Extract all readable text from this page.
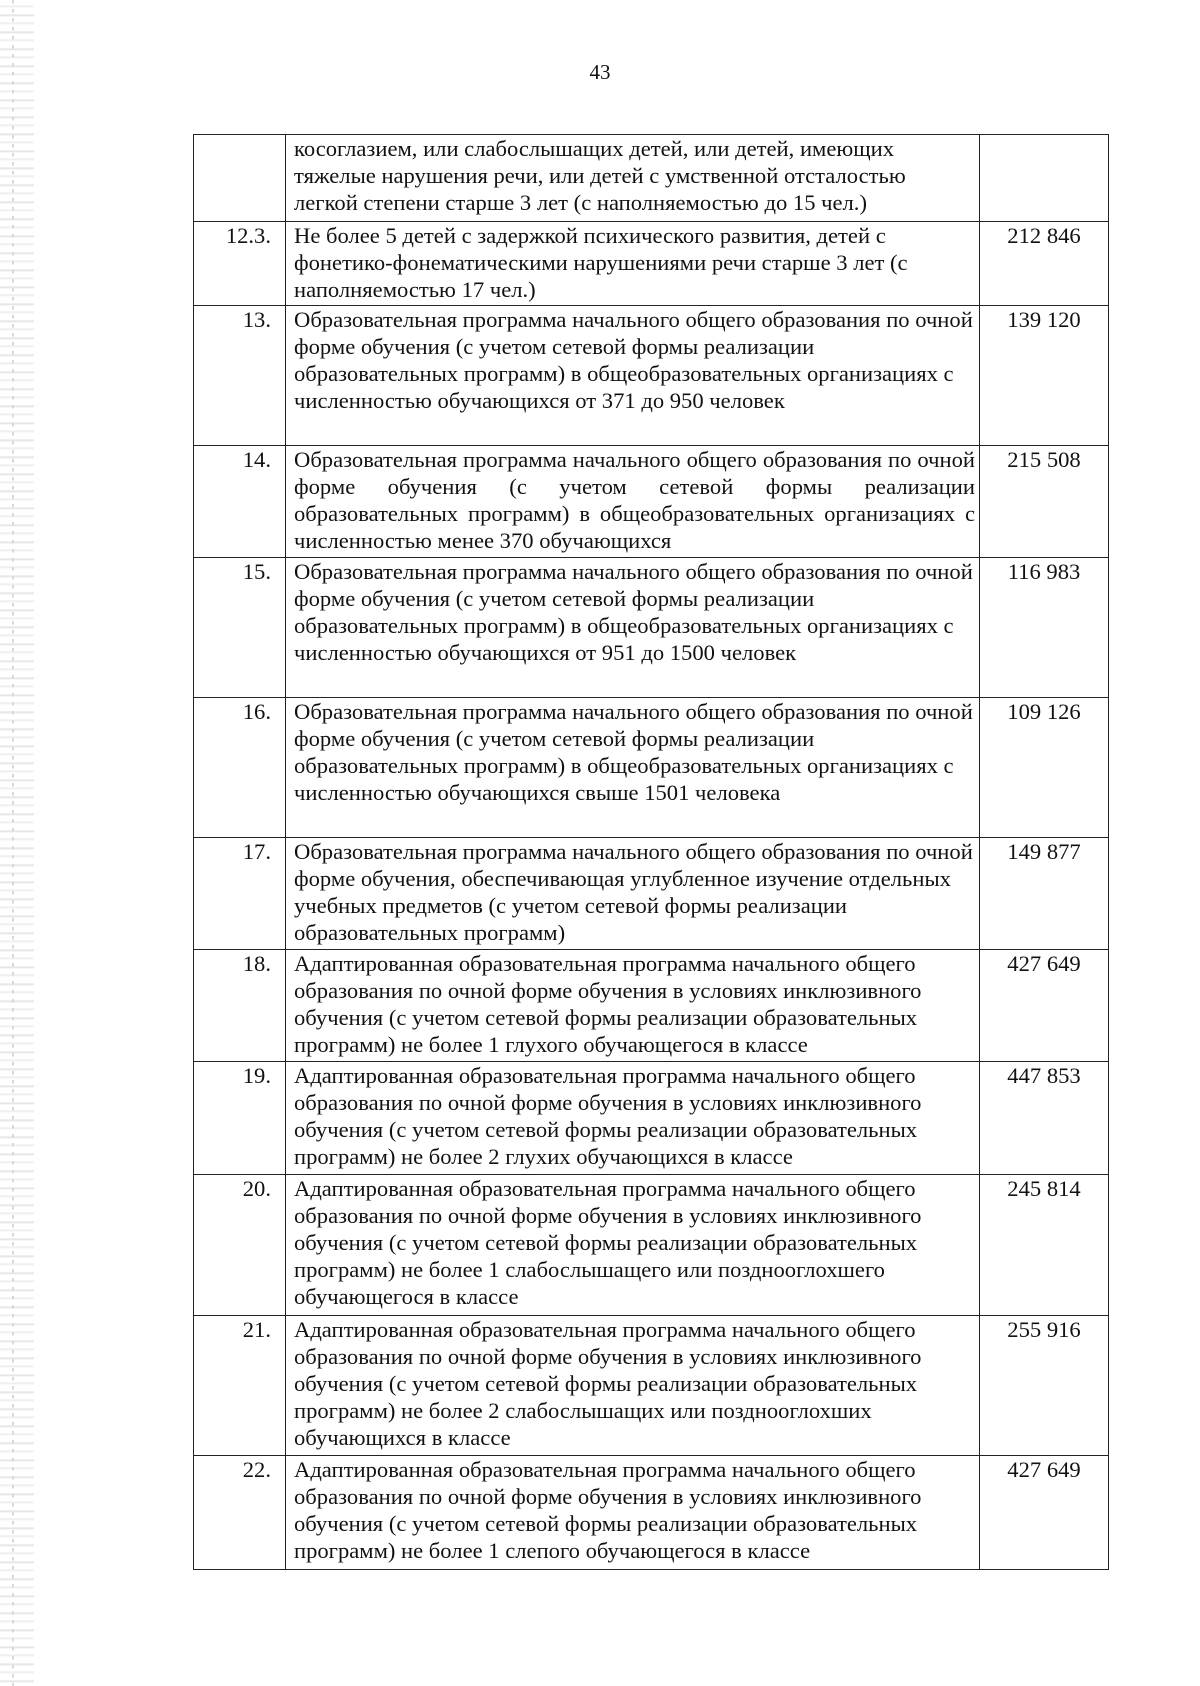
43
	косоглазием, или слабослышащих детей, или детей, имеющих тяжелые нарушения речи, или детей с умственной отсталостью легкой степени старше 3 лет (с наполняемостью до 15 чел.)	
12.3.	Не более 5 детей с задержкой психического развития, детей с фонетико-фонематическими нарушениями речи старше 3 лет (с наполняемостью 17 чел.)	212 846
13.	Образовательная программа начального общего образования по очной форме обучения (с учетом сетевой формы реализации образовательных программ) в общеобразовательных организациях с численностью обучающихся от 371 до 950 человек	139 120
14.	Образовательная программа начального общего образования по очной форме обучения (с учетом сетевой формы реализации образовательных программ) в общеобразовательных организациях с численностью менее 370 обучающихся	215 508
15.	Образовательная программа начального общего образования по очной форме обучения (с учетом сетевой формы реализации образовательных программ) в общеобразовательных организациях с численностью обучающихся от 951 до 1500 человек	116 983
16.	Образовательная программа начального общего образования по очной форме обучения (с учетом сетевой формы реализации образовательных программ) в общеобразовательных организациях с численностью обучающихся свыше 1501 человека	109 126
17.	Образовательная программа начального общего образования по очной форме обучения, обеспечивающая углубленное изучение отдельных учебных предметов (с учетом сетевой формы реализации образовательных программ)	149 877
18.	Адаптированная образовательная программа начального общего образования по очной форме обучения в условиях инклюзивного обучения (с учетом сетевой формы реализации образовательных программ) не более 1 глухого обучающегося в классе	427 649
19.	Адаптированная образовательная программа начального общего образования по очной форме обучения в условиях инклюзивного обучения (с учетом сетевой формы реализации образовательных программ) не более 2 глухих обучающихся в классе	447 853
20.	Адаптированная образовательная программа начального общего образования по очной форме обучения в условиях инклюзивного обучения (с учетом сетевой формы реализации образовательных программ) не более 1 слабослышащего или позднооглохшего обучающегося в классе	245 814
21.	Адаптированная образовательная программа начального общего образования по очной форме обучения в условиях инклюзивного обучения (с учетом сетевой формы реализации образовательных программ) не более 2 слабослышащих или позднооглохших обучающихся в классе	255 916
22.	Адаптированная образовательная программа начального общего образования по очной форме обучения в условиях инклюзивного обучения (с учетом сетевой формы реализации образовательных программ) не более 1 слепого обучающегося в классе	427 649
